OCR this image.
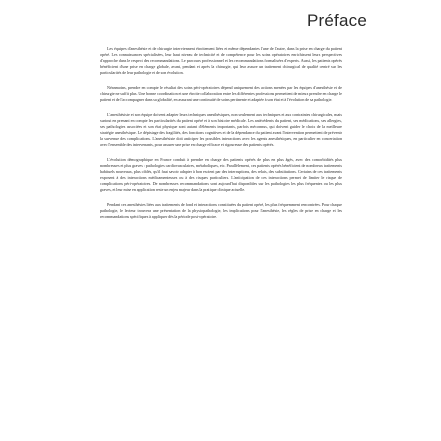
Préface

Les équipes d'anesthésie et de chirurgie interviennent étroitement liées et même dépendantes l'une de l'autre, dans la prise en charge du patient opéré. Les connaissances spécialisées, leur haut niveau de technicité et de compétence pour les soins opératoires enrichissent leurs perspectives d'approche dans le respect des recommandations. Le parcours professionnel et les recommandations formalisées d'experts. Aussi, les patients opérés bénéficient d'une prise en charge globale, avant, pendant et après la chirurgie, qui leur assure un traitement chirurgical de qualité centré sur les particularités de leur pathologie et de son évolution.

Néanmoins, prendre en compte le résultat des soins péri-opératoires dépend uniquement des actions menées par les équipes d'anesthésie et de chirurgie ne suffit plus. Une bonne coordination et une étroite collaboration entre les différentes professions permettent de mieux prendre en charge le patient et de l'accompagner dans sa globalité, en assurant une continuité de soins pertinente et adaptée à son état et à l'évolution de sa pathologie.

L'anesthésiste et son équipe doivent adapter leurs techniques anesthésiques, non seulement aux techniques et aux contraintes chirurgicales, mais surtout en prenant en compte les particularités du patient opéré et à son histoire médicale. Les antécédents du patient, ses médications, ses allergies, ses pathologies associées et son état physique sont autant d'éléments importants, parfois méconnus, qui doivent guider le choix de la meilleure stratégie anesthésique. Le dépistage des fragilités, des fonctions cognitives et de la dépendance du patient avant l'intervention permettent de prévenir la survenue des complications. L'anesthésiste doit anticiper les possibles interactions avec les agents anesthésiques, en particulier en concertation avec l'ensemble des intervenants, pour assurer une prise en charge efficace et rigoureuse des patients opérés.

L'évolution démographique en France conduit à prendre en charge des patients opérés de plus en plus âgés, avec des comorbidités plus nombreuses et plus graves : pathologies cardiovasculaires, métaboliques, etc. Parallèlement, ces patients opérés bénéficient de nombreux traitements habituels nouveaux, plus ciblés, qu'il faut savoir adapter à bon escient par des interruptions, des relais, des substitutions. Certains de ces traitements exposent à des interactions médicamenteuses ou à des risques particuliers. L'anticipation de ces interactions permet de limiter le risque de complications péri-opératoires. De nombreuses recommandations sont aujourd'hui disponibles sur les pathologies les plus fréquentes ou les plus graves, et leur mise en application reste un enjeu majeur dans la pratique clinique actuelle.

Pendant ces anesthésies liées aux traitements de fond et interactions constituées du patient opéré, les plus fréquemment rencontrées. Pour chaque pathologie, le lecteur trouvera une présentation de la physiopathologie, les implications pour l'anesthésie, les règles de prise en charge et les recommandations spécifiques à appliquer dès la période post-opératoire.
